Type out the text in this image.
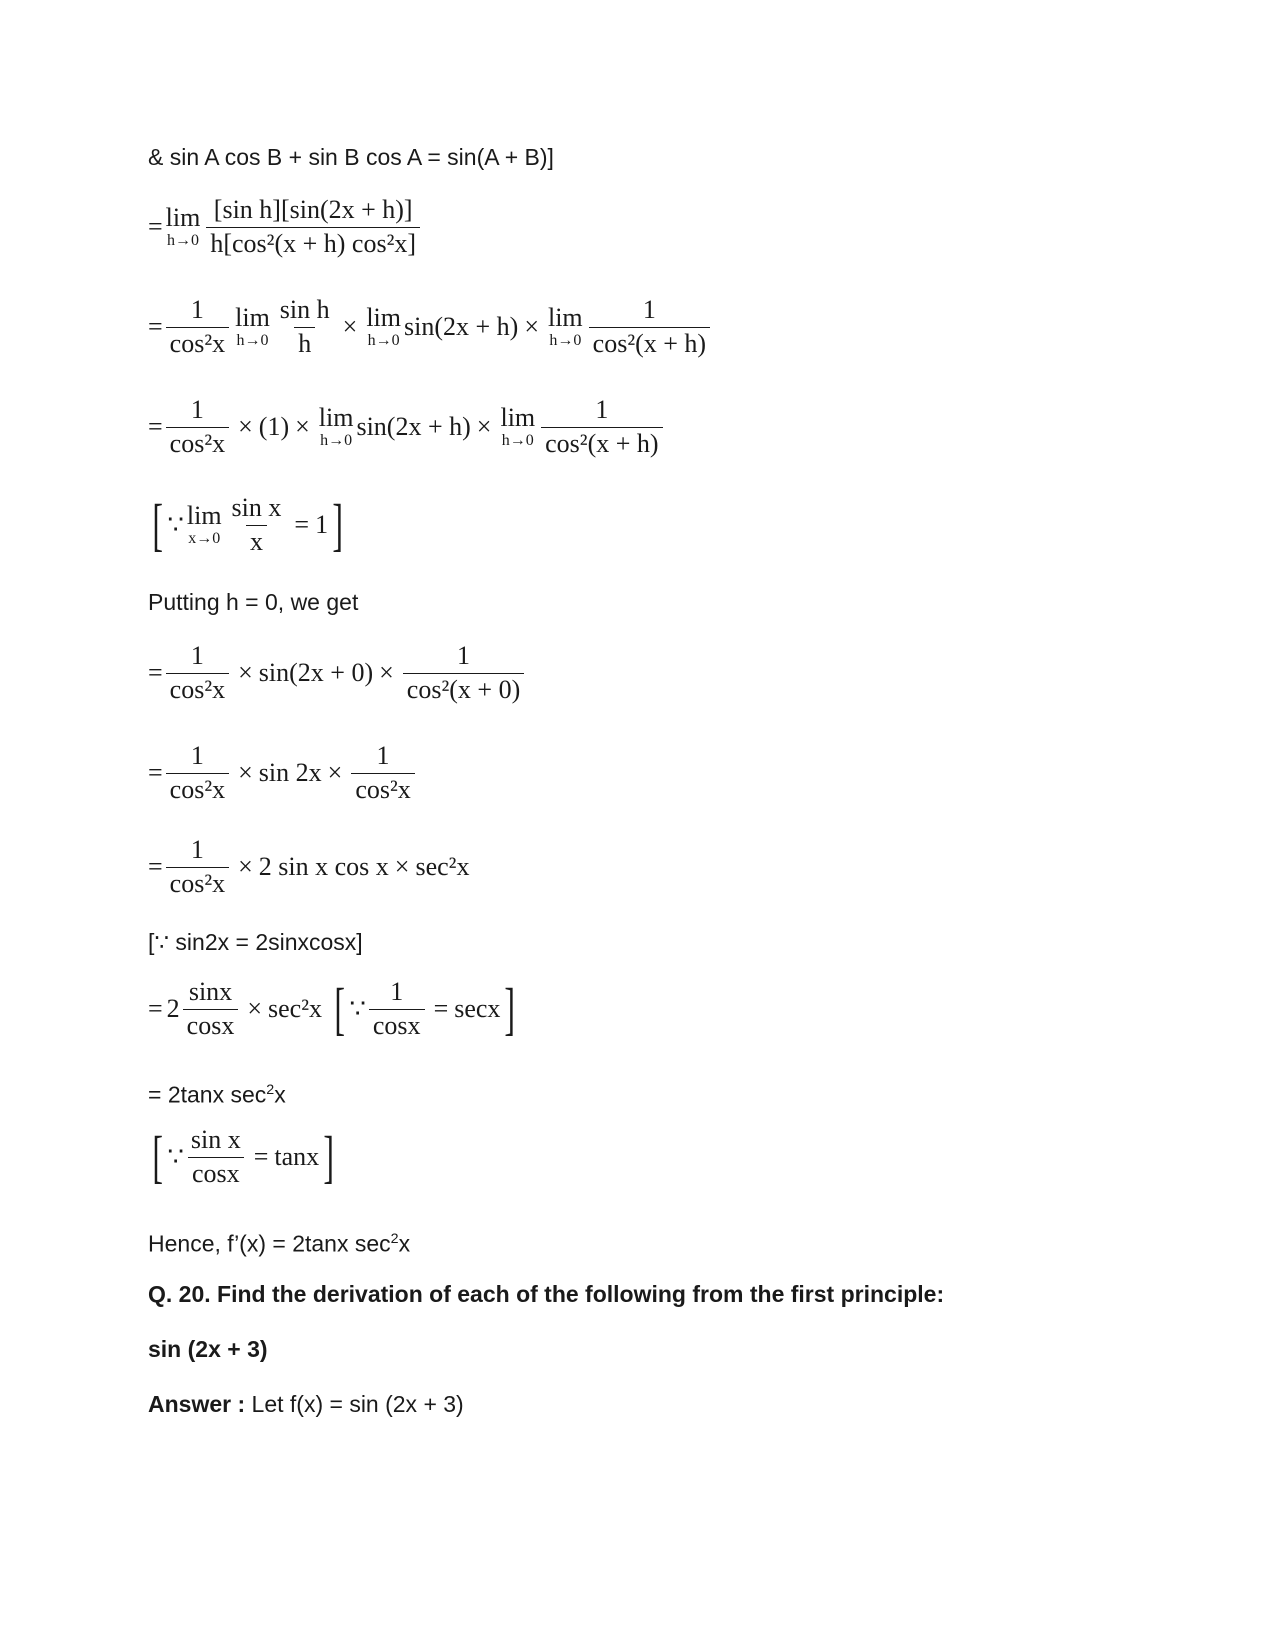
& sin A cos B + sin B cos A = sin(A + B)]
= lim
$h\to 0 \frac{\text{[sin h][sin(2x + h)]}}{\text{h[cos²(x + h) cos²x]}}$
= $\frac{1}{\text{cos²x}}$ lim
$h\to 0 \frac{\text{sin h}}{h} \times \lim$
h→0 sin(2x + h) × lim
$h\to 0 \frac{1}{\text{cos²(x + h)}}$
= $\frac{1}{\text{cos²x}} \times (1) \times \lim$
h→0 sin(2x + h) × lim
$h\to 0 \frac{1}{\text{cos²(x + h)}}$
[ ∵ lim
$x\to 0 \frac{\text{sin x}}{x} = 1$ ]
Putting h = 0, we get
= $\frac{1}{\text{cos²x}} \times \sin(2x + 0) \times \frac{1}{\text{cos²(x + 0)}}$
= $\frac{1}{\text{cos²x}} \times \sin 2x \times \frac{1}{\text{cos²x}}$
= $\frac{1}{\text{cos²x}} \times 2$ sin x cos x × sec²x
[∵ sin2x = 2sinxcosx]
= $2 \frac{\sin x}{\cos x} \times \sec^2x$ [ ∵ $\frac{1}{\cos x} = \sec x$ ]
= 2tanx $\sec^2x$
[ ∵ $\frac{\text{sin x}}{\cos x} = \tan x$ ]
Hence, f’(x) = 2tanx $\sec^2x$
Q. 20. Find the derivation of each of the following from the first principle:
sin (2x + 3)
Answer : Let f(x) = sin (2x + 3)
